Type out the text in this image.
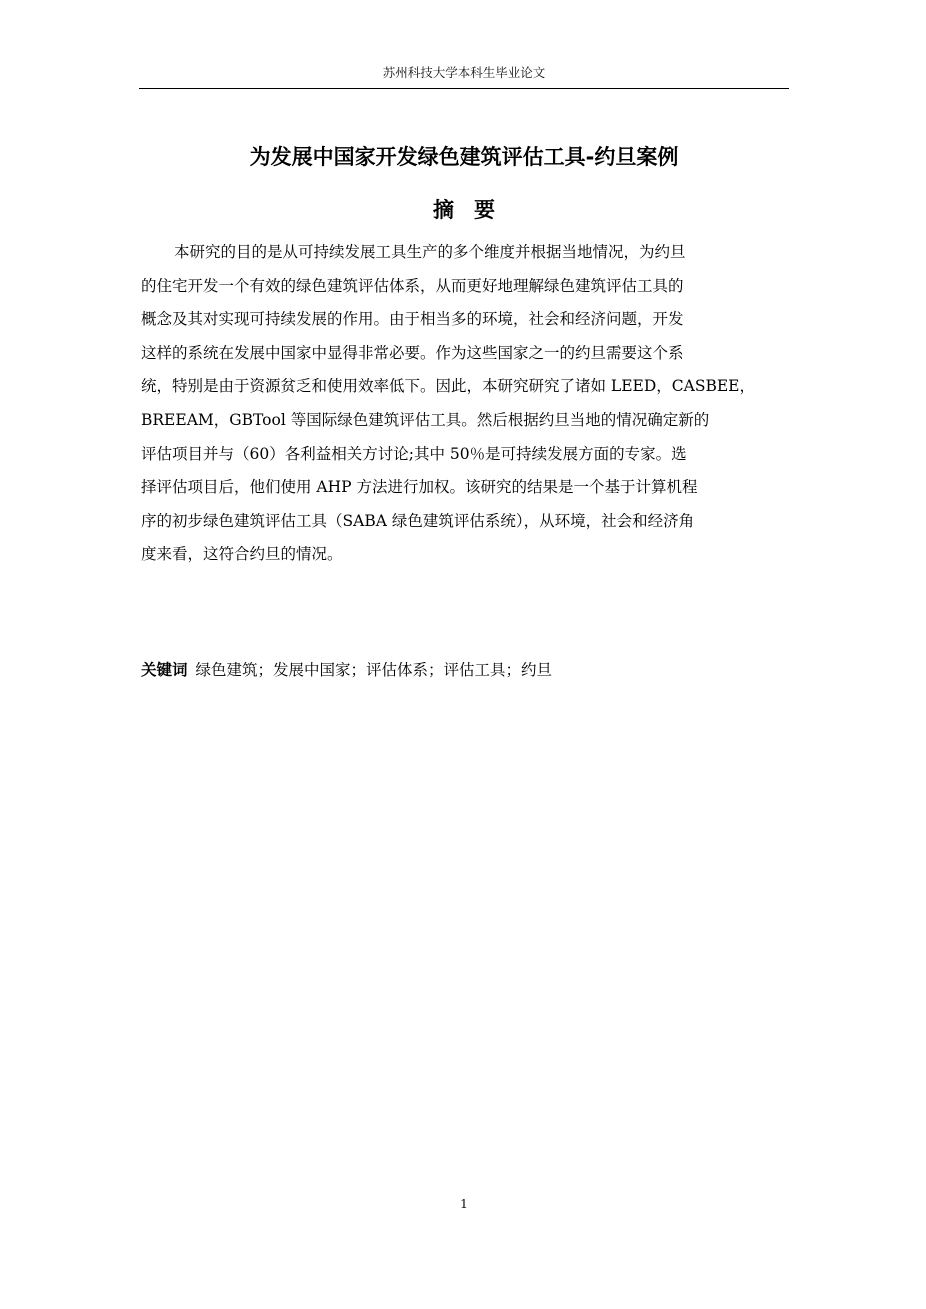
苏州科技大学本科生毕业论文
为发展中国家开发绿色建筑评估工具-约旦案例
摘要
本研究的目的是从可持续发展工具生产的多个维度并根据当地情况，为约旦
的住宅开发一个有效的绿色建筑评估体系，从而更好地理解绿色建筑评估工具的
概念及其对实现可持续发展的作用。由于相当多的环境，社会和经济问题，开发
这样的系统在发展中国家中显得非常必要。作为这些国家之一的约旦需要这个系
统，特别是由于资源贫乏和使用效率低下。因此，本研究研究了诸如 LEED，CASBEE，
BREEAM，GBTool 等国际绿色建筑评估工具。然后根据约旦当地的情况确定新的
评估项目并与（60）各利益相关方讨论;其中 50％是可持续发展方面的专家。选
择评估项目后，他们使用 AHP 方法进行加权。该研究的结果是一个基于计算机程
序的初步绿色建筑评估工具（SABA 绿色建筑评估系统），从环境，社会和经济角
度来看，这符合约旦的情况。
关键词 绿色建筑；发展中国家；评估体系；评估工具；约旦
1
